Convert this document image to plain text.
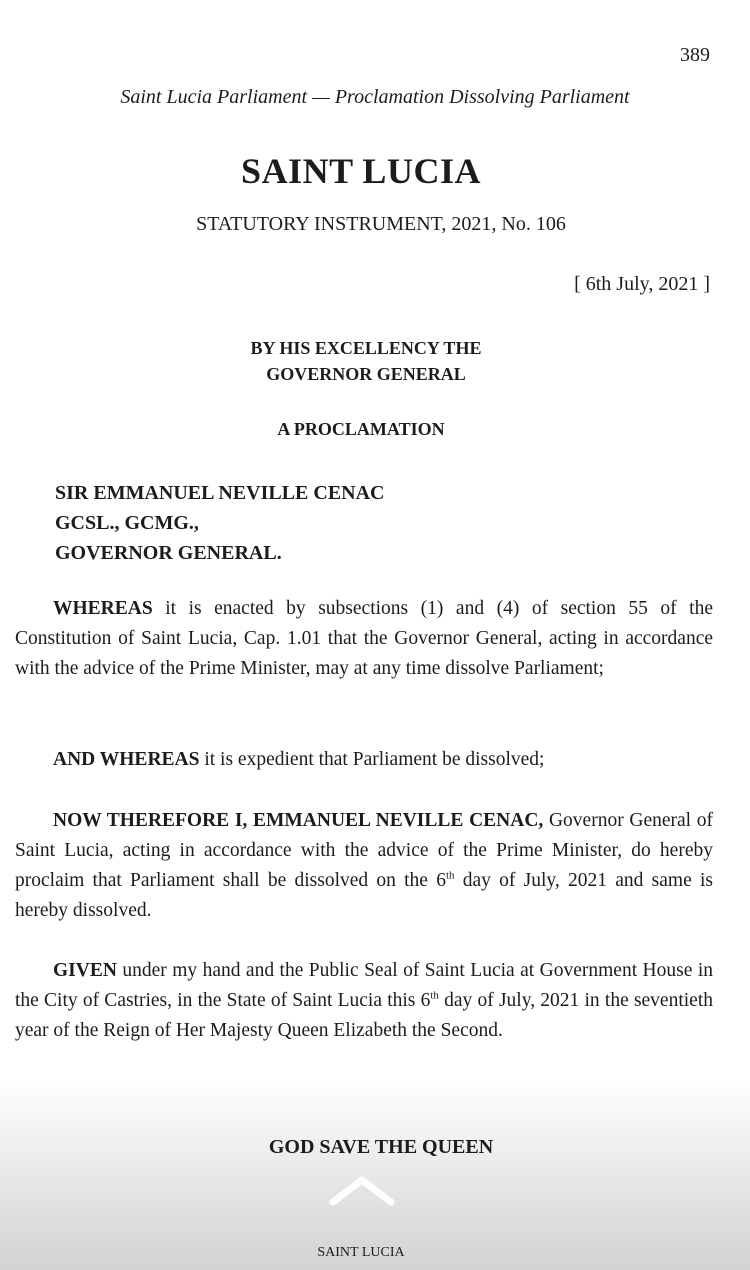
389
Saint Lucia Parliament — Proclamation Dissolving Parliament
SAINT LUCIA
STATUTORY INSTRUMENT, 2021, No. 106
[ 6th July, 2021 ]
BY HIS EXCELLENCY THE
GOVERNOR GENERAL
A PROCLAMATION
SIR EMMANUEL NEVILLE CENAC
GCSL., GCMG.,
GOVERNOR GENERAL.
WHEREAS it is enacted by subsections (1) and (4) of section 55 of the Constitution of Saint Lucia, Cap. 1.01 that the Governor General, acting in accordance with the advice of the Prime Minister, may at any time dissolve Parliament;
AND WHEREAS it is expedient that Parliament be dissolved;
NOW THEREFORE I, EMMANUEL NEVILLE CENAC, Governor General of Saint Lucia, acting in accordance with the advice of the Prime Minister, do hereby proclaim that Parliament shall be dissolved on the 6th day of July, 2021 and same is hereby dissolved.
GIVEN under my hand and the Public Seal of Saint Lucia at Government House in the City of Castries, in the State of Saint Lucia this 6th day of July, 2021 in the seventieth year of the Reign of Her Majesty Queen Elizabeth the Second.
GOD SAVE THE QUEEN
SAINT LUCIA
